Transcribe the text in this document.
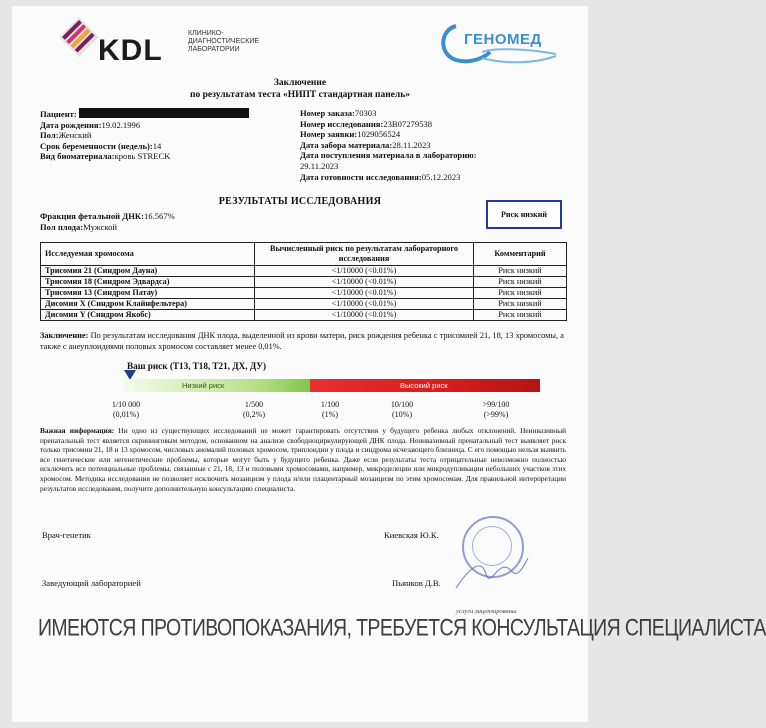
KDL
КЛИНИКО-
ДИАГНОСТИЧЕСКИЕ
ЛАБОРАТОРИИ
ГЕНОМЕД
Заключение
по результатам теста «НИПТ стандартная панель»
Пациент:
Дата рождения:19.02.1996
Пол:Женский
Срок беременности (недель):14
Вид биоматериала:кровь STRECK
Номер заказа:70303
Номер исследования:23B07279538
Номер заявки:1029056524
Дата забора материала:28.11.2023
Дата поступления материала в лабораторию:
29.11.2023
Дата готовности исследования:05.12.2023
РЕЗУЛЬТАТЫ ИССЛЕДОВАНИЯ
Риск низкий
Фракция фетальной ДНК:16.567%
Пол плода:Мужской
Исследуемая хромосома	Вычисленный риск по результатам лабораторного исследования	Комментарий
Трисомия 21 (Синдром Дауна)	<1/10000 (<0.01%)	Риск низкий
Трисомия 18 (Синдром Эдвардса)	<1/10000 (<0.01%)	Риск низкий
Трисомия 13 (Синдром Патау)	<1/10000 (<0.01%)	Риск низкий
Дисомия X (Синдром Клайнфельтера)	<1/10000 (<0.01%)	Риск низкий
Дисомия Y (Синдром Якобс)	<1/10000 (<0.01%)	Риск низкий
Заключение: По результатам исследования ДНК плода, выделенной из крови матери, риск рождения ребенка с трисомией 21, 18, 13 хромосомы, а также с анеуплоидиями половых хромосом составляет менее 0,01%.
Ваш риск (T13, T18, T21, ДХ, ДУ)
Низкий риск	Высокий риск
1/10 000
(0,01%)
1/500
(0,2%)
1/100
(1%)
10/100
(10%)
>99/100
(>99%)
Важная информация: Ни одно из существующих исследований не может гарантировать отсутствия у будущего ребенка любых отклонений. Неинвазивный пренатальный тест является скрининговым методом, основанном на анализе свободноциркулирующей ДНК плода. Неинвазивный пренатальный тест выявляет риск только трисомии 21, 18 и 13 хромосом, числовых аномалий половых хромосом, триплоидии у плода и синдрома исчезающего близнеца. С его помощью нельзя выявить все генетические или негенетические проблемы, которые могут быть у будущего ребенка. Даже если результаты теста отрицательные невозможно полностью исключить все потенциальные проблемы, связанные с 21, 18, 13 и половыми хромосомами, например, микроделеции или микродупликации небольших участков этих хромосом. Методика исследования не позволяет исключить мозаицизм у плода и/или плацентарный мозаицизм по этим хромосомам. Для правильной интерпретации результатов исследования, получите дополнительную консультацию специалиста.
Врач-генетик	Киевская Ю.К.
Заведующий лабораторией	Пьянков Д.В.
услуги лицензированы
ИМЕЮТСЯ ПРОТИВОПОКАЗАНИЯ, ТРЕБУЕТСЯ КОНСУЛЬТАЦИЯ СПЕЦИАЛИСТА
